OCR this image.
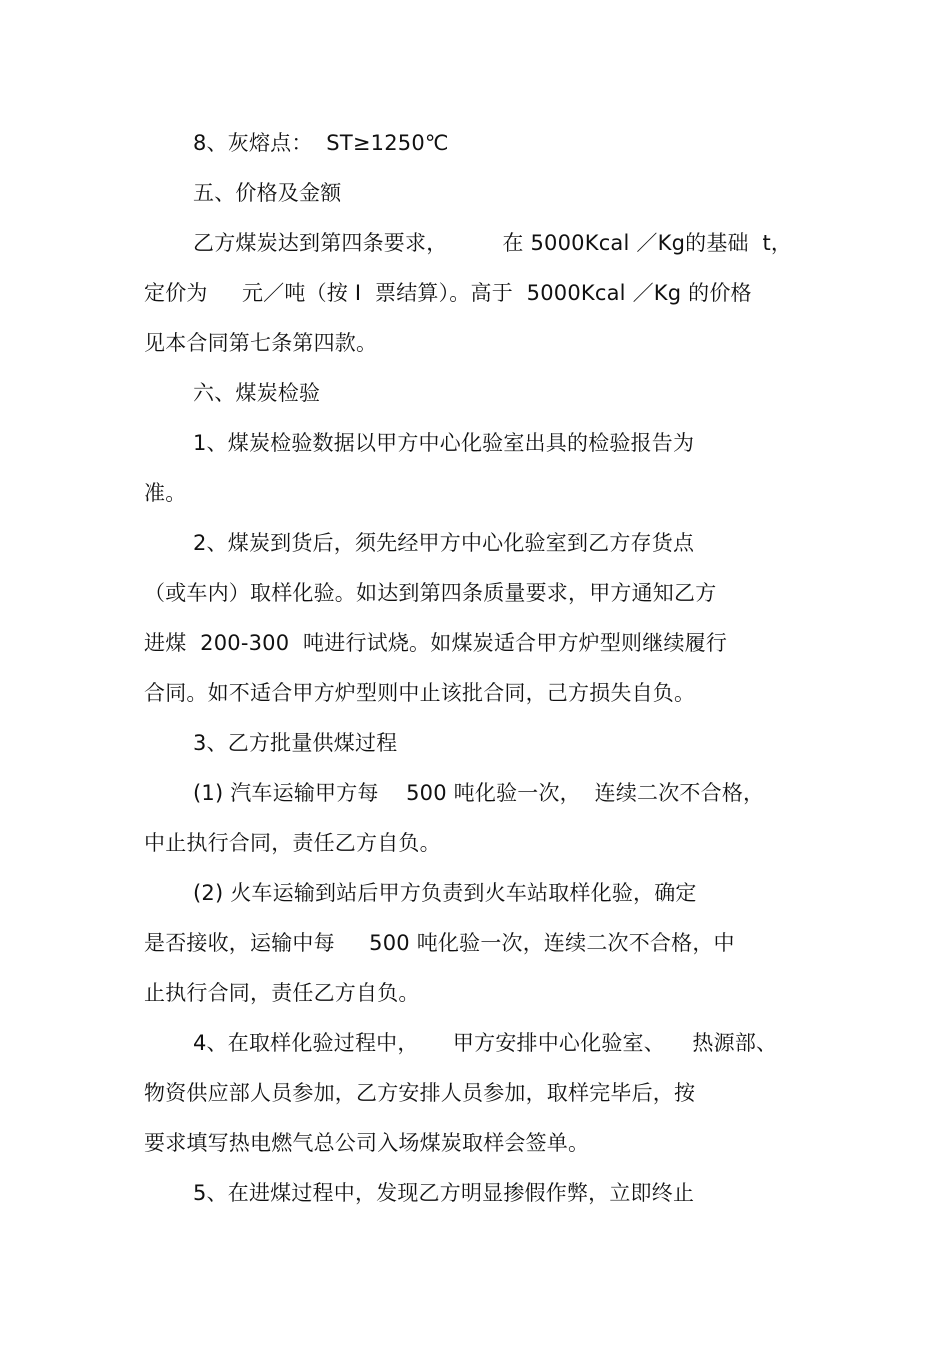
8、灰熔点：  ST≥1250℃
五、价格及金额
乙方煤炭达到第四条要求，        在 5000Kcal ／Kg的基础  t，
定价为     元／吨（按 I  票结算）。高于  5000Kcal ／Kg 的价格
见本合同第七条第四款。
六、煤炭检验
1、煤炭检验数据以甲方中心化验室出具的检验报告为
准。
2、煤炭到货后，须先经甲方中心化验室到乙方存货点
（或车内）取样化验。如达到第四条质量要求，甲方通知乙方
进煤  200-300  吨进行试烧。如煤炭适合甲方炉型则继续履行
合同。如不适合甲方炉型则中止该批合同，己方损失自负。
3、乙方批量供煤过程
(1) 汽车运输甲方每    500 吨化验一次，  连续二次不合格，
中止执行合同，责任乙方自负。
(2) 火车运输到站后甲方负责到火车站取样化验，确定
是否接收，运输中每     500 吨化验一次，连续二次不合格，中
止执行合同，责任乙方自负。
4、在取样化验过程中，     甲方安排中心化验室、    热源部、
物资供应部人员参加，乙方安排人员参加，取样完毕后，按
要求填写热电燃气总公司入场煤炭取样会签单。
5、在进煤过程中，发现乙方明显掺假作弊，立即终止
